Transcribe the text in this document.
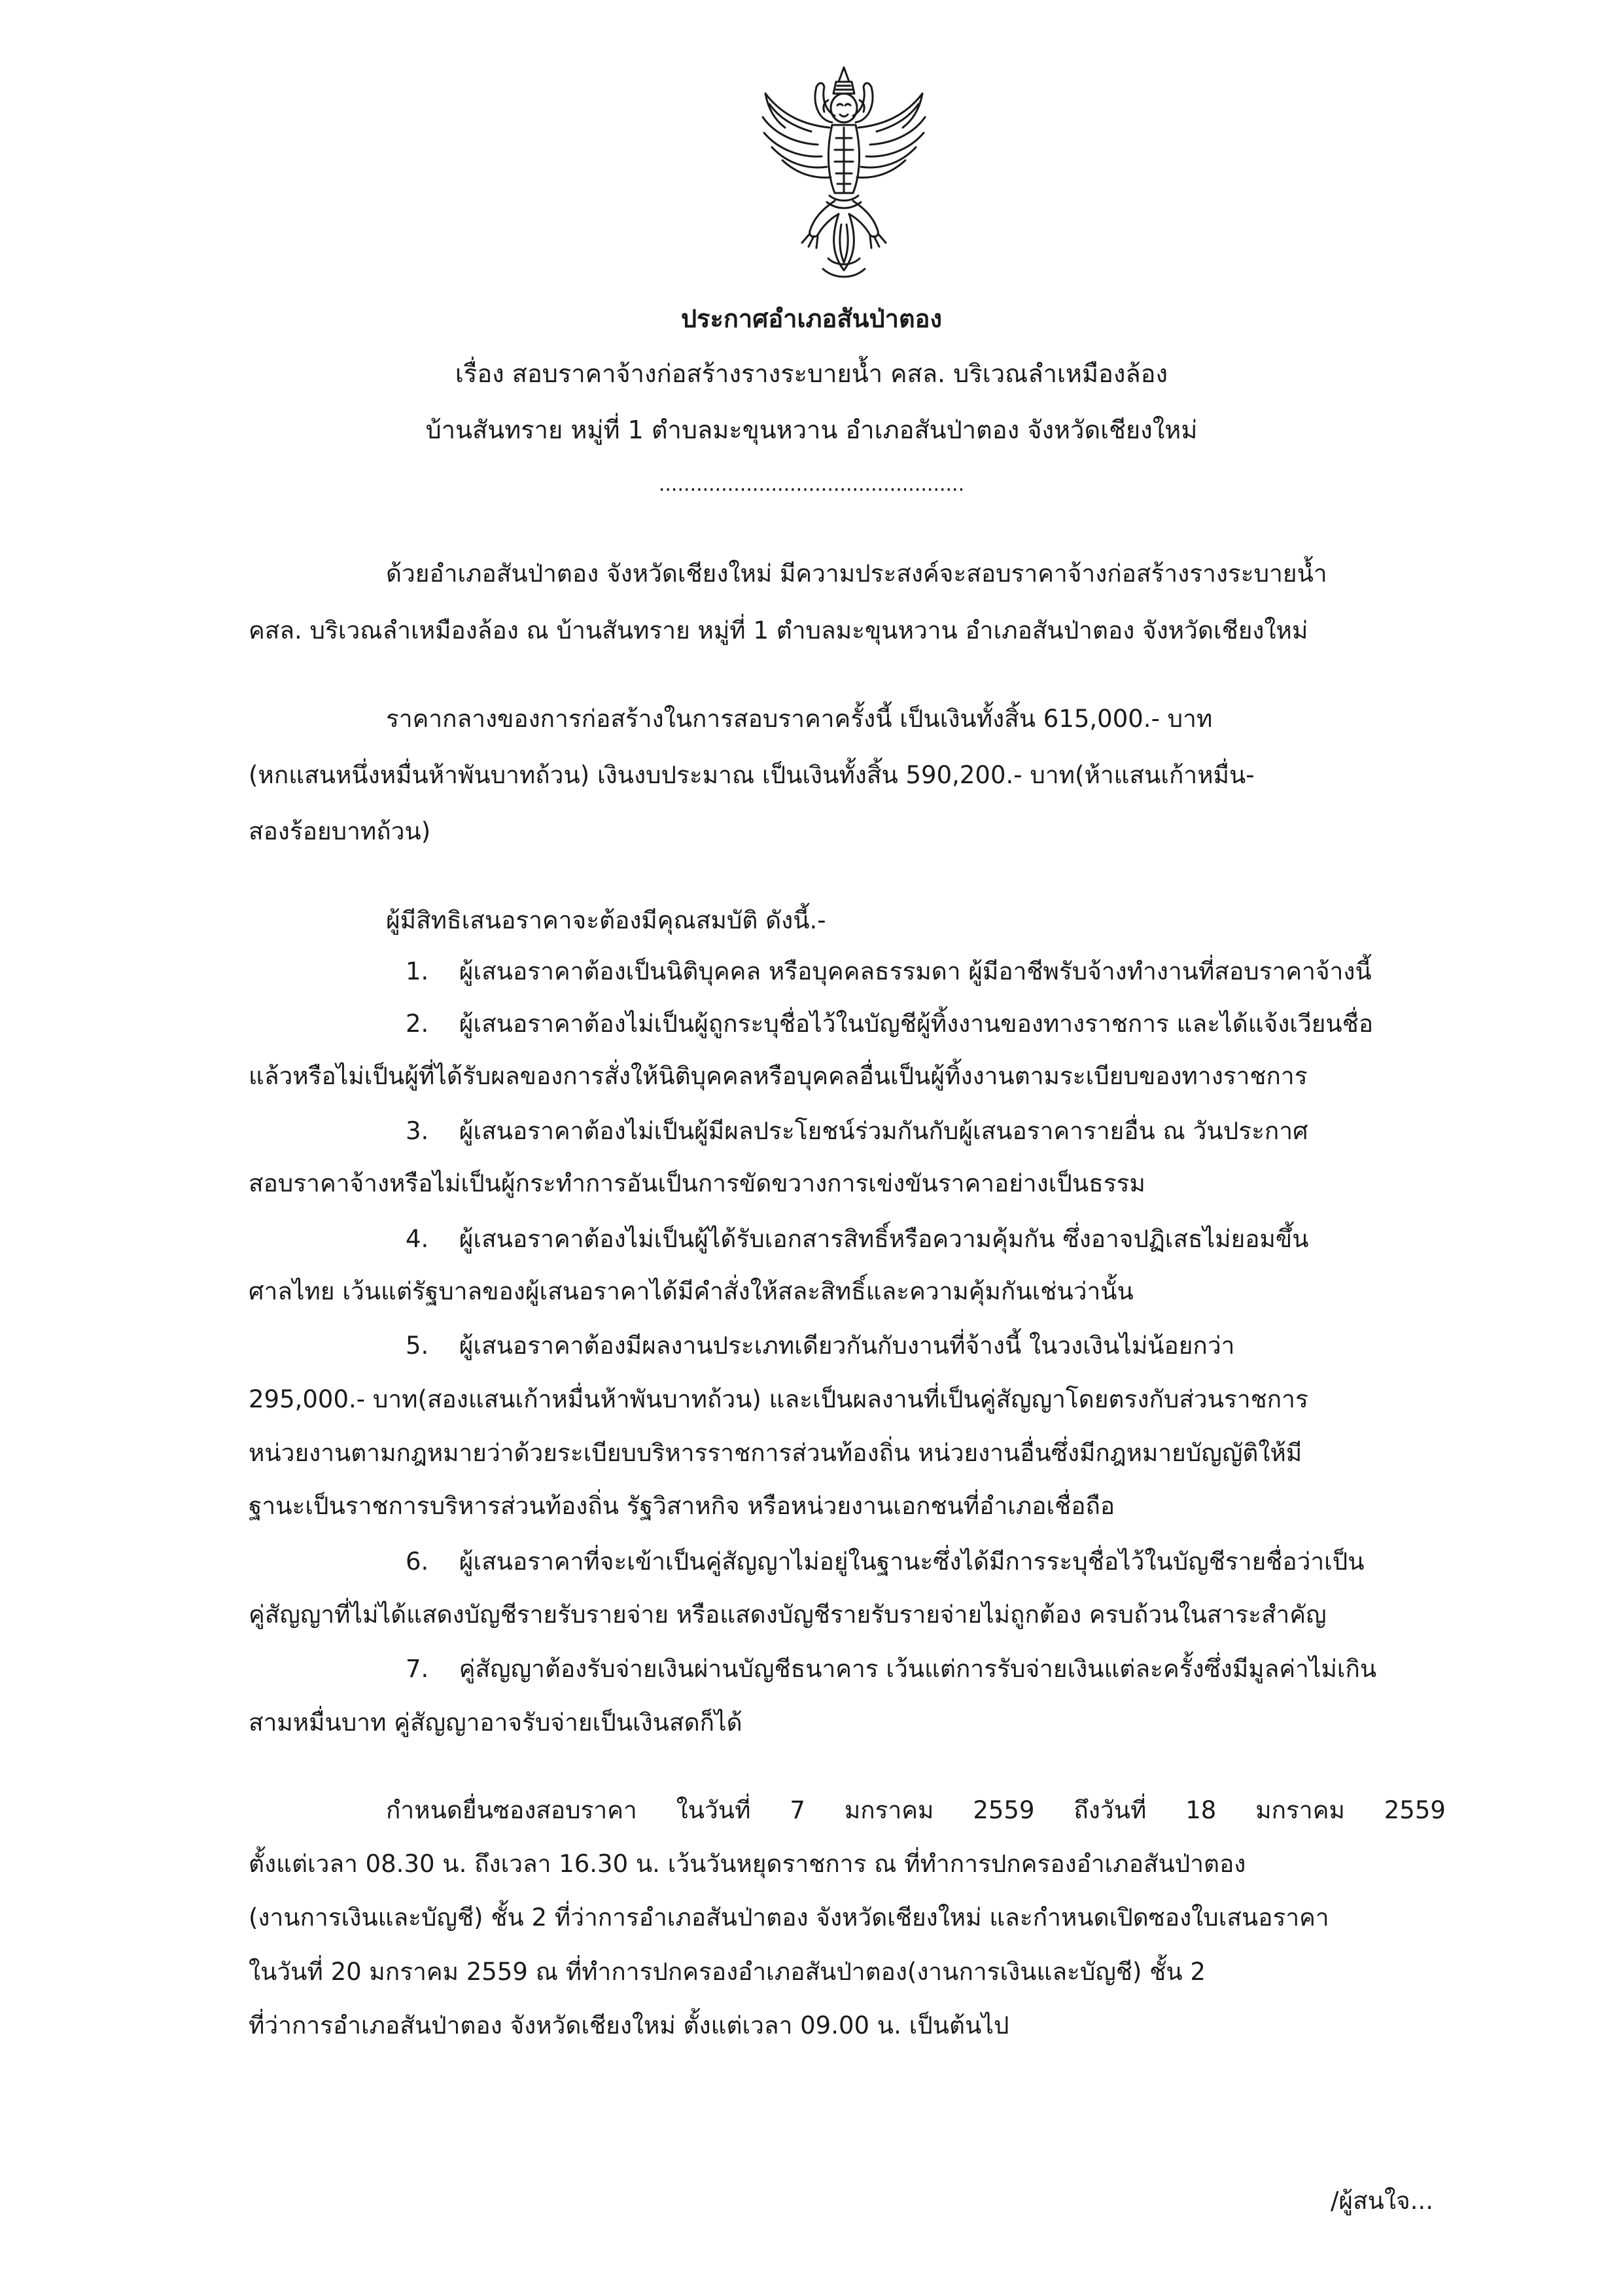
ประกาศอำเภอสันป่าตอง
เรื่อง สอบราคาจ้างก่อสร้างรางระบายน้ำ คสล. บริเวณลำเหมืองล้อง
บ้านสันทราย หมู่ที่ 1 ตำบลมะขุนหวาน อำเภอสันป่าตอง จังหวัดเชียงใหม่
.................................................
ด้วยอำเภอสันป่าตอง จังหวัดเชียงใหม่ มีความประสงค์จะสอบราคาจ้างก่อสร้างรางระบายน้ำ
คสล. บริเวณลำเหมืองล้อง ณ บ้านสันทราย หมู่ที่ 1 ตำบลมะขุนหวาน อำเภอสันป่าตอง จังหวัดเชียงใหม่
ราคากลางของการก่อสร้างในการสอบราคาครั้งนี้ เป็นเงินทั้งสิ้น 615,000.- บาท
(หกแสนหนึ่งหมื่นห้าพันบาทถ้วน) เงินงบประมาณ เป็นเงินทั้งสิ้น 590,200.- บาท(ห้าแสนเก้าหมื่น-
สองร้อยบาทถ้วน)
ผู้มีสิทธิเสนอราคาจะต้องมีคุณสมบัติ ดังนี้.-
1. ผู้เสนอราคาต้องเป็นนิติบุคคล หรือบุคคลธรรมดา ผู้มีอาชีพรับจ้างทำงานที่สอบราคาจ้างนี้
2. ผู้เสนอราคาต้องไม่เป็นผู้ถูกระบุชื่อไว้ในบัญชีผู้ทิ้งงานของทางราชการ และได้แจ้งเวียนชื่อ
แล้วหรือไม่เป็นผู้ที่ได้รับผลของการสั่งให้นิติบุคคลหรือบุคคลอื่นเป็นผู้ทิ้งงานตามระเบียบของทางราชการ
3. ผู้เสนอราคาต้องไม่เป็นผู้มีผลประโยชน์ร่วมกันกับผู้เสนอราคารายอื่น ณ วันประกาศ
สอบราคาจ้างหรือไม่เป็นผู้กระทำการอันเป็นการขัดขวางการเข่งขันราคาอย่างเป็นธรรม
4. ผู้เสนอราคาต้องไม่เป็นผู้ได้รับเอกสารสิทธิ์หรือความคุ้มกัน ซึ่งอาจปฏิเสธไม่ยอมขึ้น
ศาลไทย เว้นแต่รัฐบาลของผู้เสนอราคาได้มีคำสั่งให้สละสิทธิ์และความคุ้มกันเช่นว่านั้น
5. ผู้เสนอราคาต้องมีผลงานประเภทเดียวกันกับงานที่จ้างนี้ ในวงเงินไม่น้อยกว่า
295,000.- บาท(สองแสนเก้าหมื่นห้าพันบาทถ้วน) และเป็นผลงานที่เป็นคู่สัญญาโดยตรงกับส่วนราชการ
หน่วยงานตามกฎหมายว่าด้วยระเบียบบริหารราชการส่วนท้องถิ่น หน่วยงานอื่นซึ่งมีกฎหมายบัญญัติให้มี
ฐานะเป็นราชการบริหารส่วนท้องถิ่น รัฐวิสาหกิจ หรือหน่วยงานเอกชนที่อำเภอเชื่อถือ
6. ผู้เสนอราคาที่จะเข้าเป็นคู่สัญญาไม่อยู่ในฐานะซึ่งได้มีการระบุชื่อไว้ในบัญชีรายชื่อว่าเป็น
คู่สัญญาที่ไม่ได้แสดงบัญชีรายรับรายจ่าย หรือแสดงบัญชีรายรับรายจ่ายไม่ถูกต้อง ครบถ้วนในสาระสำคัญ
7. คู่สัญญาต้องรับจ่ายเงินผ่านบัญชีธนาคาร เว้นแต่การรับจ่ายเงินแต่ละครั้งซึ่งมีมูลค่าไม่เกิน
สามหมื่นบาท คู่สัญญาอาจรับจ่ายเป็นเงินสดก็ได้
กำหนดยื่นซองสอบราคา ในวันที่ 7 มกราคม 2559 ถึงวันที่ 18 มกราคม 2559
ตั้งแต่เวลา 08.30 น. ถึงเวลา 16.30 น. เว้นวันหยุดราชการ ณ ที่ทำการปกครองอำเภอสันป่าตอง
(งานการเงินและบัญชี) ชั้น 2 ที่ว่าการอำเภอสันป่าตอง จังหวัดเชียงใหม่ และกำหนดเปิดซองใบเสนอราคา
ในวันที่ 20 มกราคม 2559 ณ ที่ทำการปกครองอำเภอสันป่าตอง(งานการเงินและบัญชี) ชั้น 2
ที่ว่าการอำเภอสันป่าตอง จังหวัดเชียงใหม่ ตั้งแต่เวลา 09.00 น. เป็นต้นไป
/ผู้สนใจ...
